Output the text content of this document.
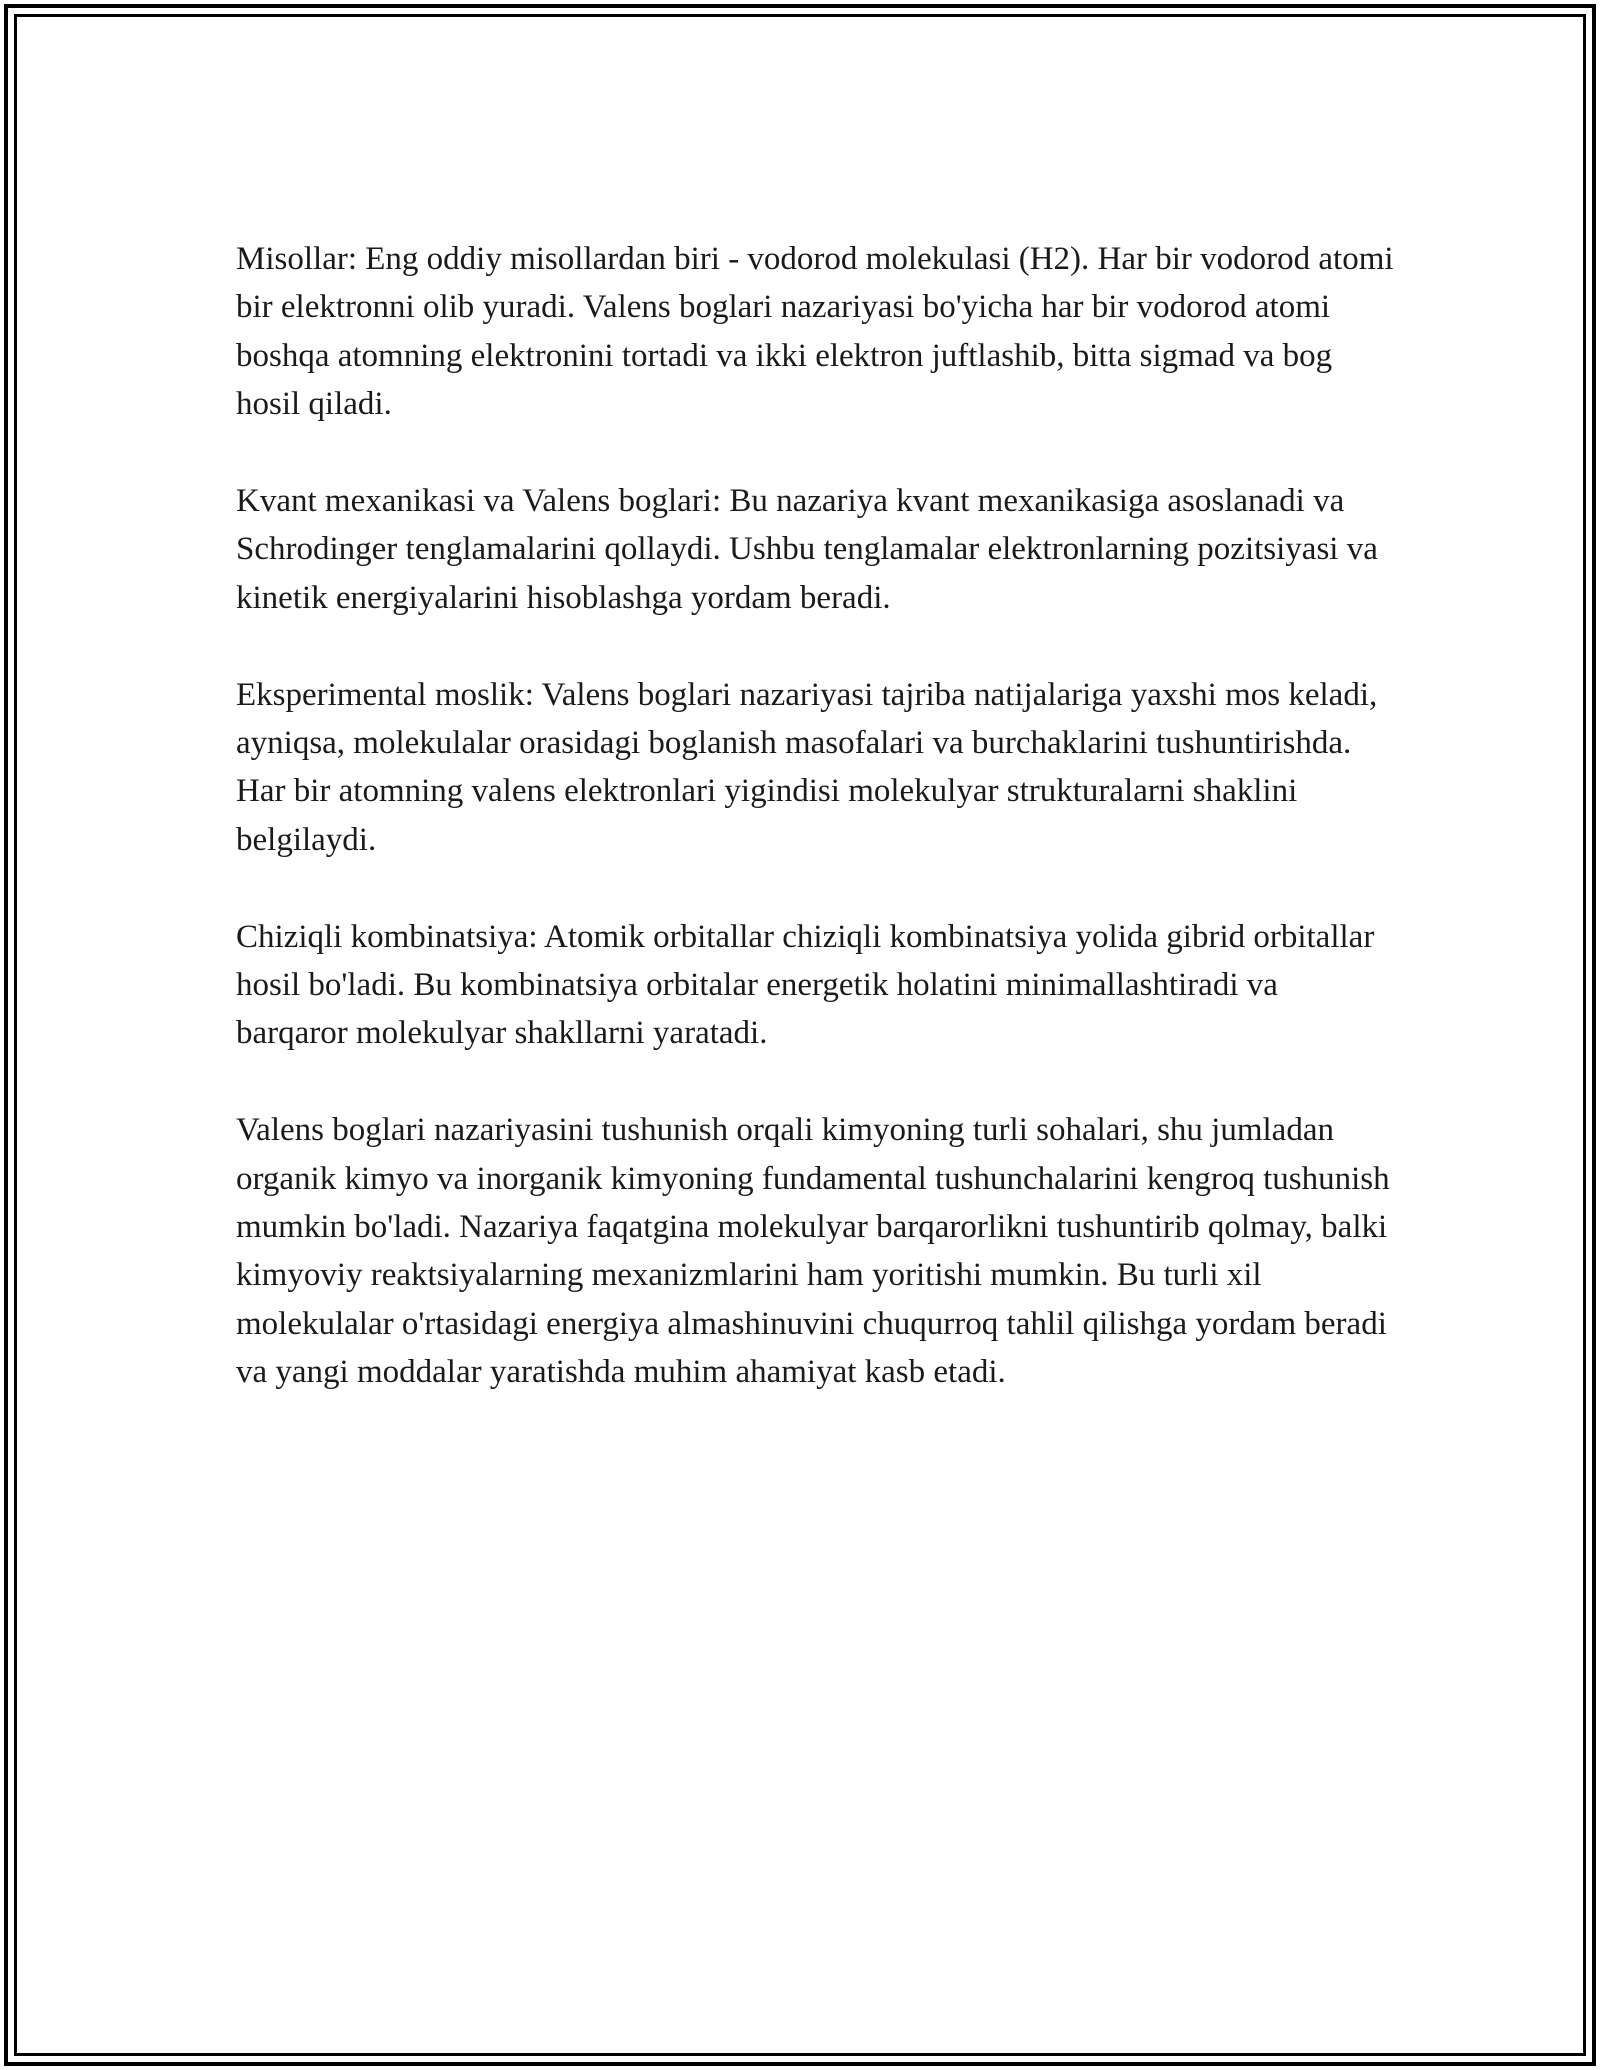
Misollar: Eng oddiy misollardan biri - vodorod molekulasi (H2). Har bir vodorod atomi bir elektronni olib yuradi. Valens boglari nazariyasi bo'yicha har bir vodorod atomi boshqa atomning elektronini tortadi va ikki elektron juftlashib, bitta sigmad va bog hosil qiladi.

Kvant mexanikasi va Valens boglari: Bu nazariya kvant mexanikasiga asoslanadi va Schrodinger tenglamalarini qollaydi. Ushbu tenglamalar elektronlarning pozitsiyasi va kinetik energiyalarini hisoblashga yordam beradi.

Eksperimental moslik: Valens boglari nazariyasi tajriba natijalariga yaxshi mos keladi, ayniqsa, molekulalar orasidagi boglanish masofalari va burchaklarini tushuntirishda. Har bir atomning valens elektronlari yigindisi molekulyar strukturalarni shaklini belgilaydi.

Chiziqli kombinatsiya: Atomik orbitallar chiziqli kombinatsiya yolida gibrid orbitallar hosil bo'ladi. Bu kombinatsiya orbitalar energetik holatini minimallashtiradi va barqaror molekulyar shakllarni yaratadi.

Valens boglari nazariyasini tushunish orqali kimyoning turli sohalari, shu jumladan organik kimyo va inorganik kimyoning fundamental tushunchalarini kengroq tushunish mumkin bo'ladi. Nazariya faqatgina molekulyar barqarorlikni tushuntirib qolmay, balki kimyoviy reaktsiyalarning mexanizmlarini ham yoritishi mumkin. Bu turli xil molekulalar o'rtasidagi energiya almashinuvini chuqurroq tahlil qilishga yordam beradi va yangi moddalar yaratishda muhim ahamiyat kasb etadi.
